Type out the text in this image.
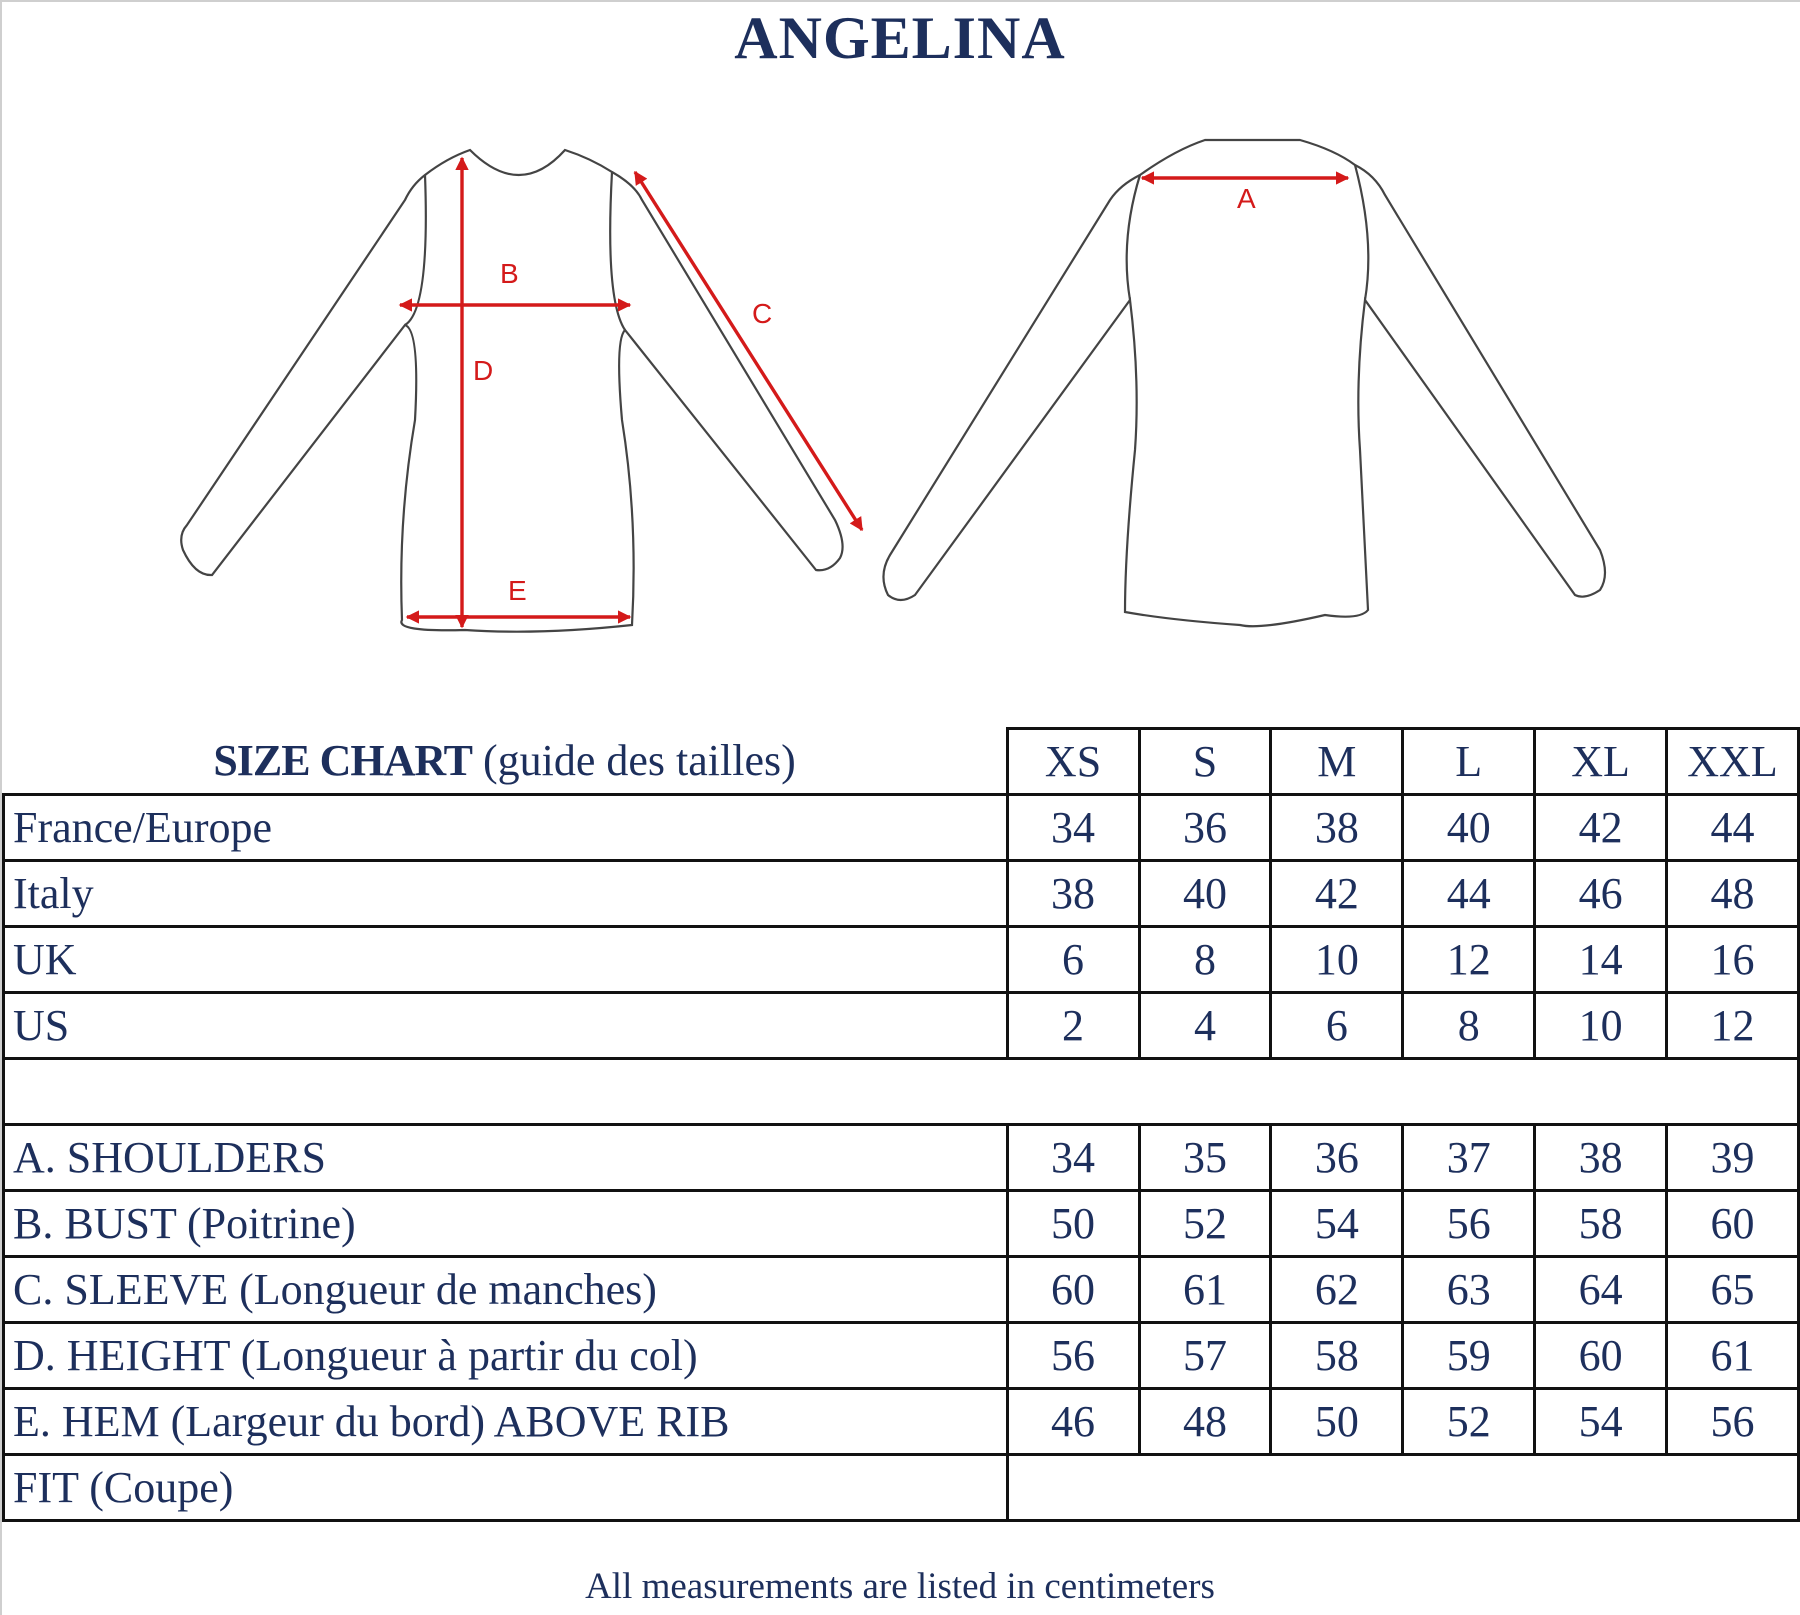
ANGELINA
A
B
C
D
E
SIZE CHART (guide des tailles)	XS	S	M	L	XL	XXL
France/Europe	34	36	38	40	42	44
Italy	38	40	42	44	46	48
UK	6	8	10	12	14	16
US	2	4	6	8	10	12

A. SHOULDERS	34	35	36	37	38	39
B. BUST (Poitrine)	50	52	54	56	58	60
C. SLEEVE (Longueur de manches)	60	61	62	63	64	65
D. HEIGHT (Longueur à partir du col)	56	57	58	59	60	61
E. HEM (Largeur du bord) ABOVE RIB	46	48	50	52	54	56
FIT (Coupe)						
All measurements are listed in centimeters
